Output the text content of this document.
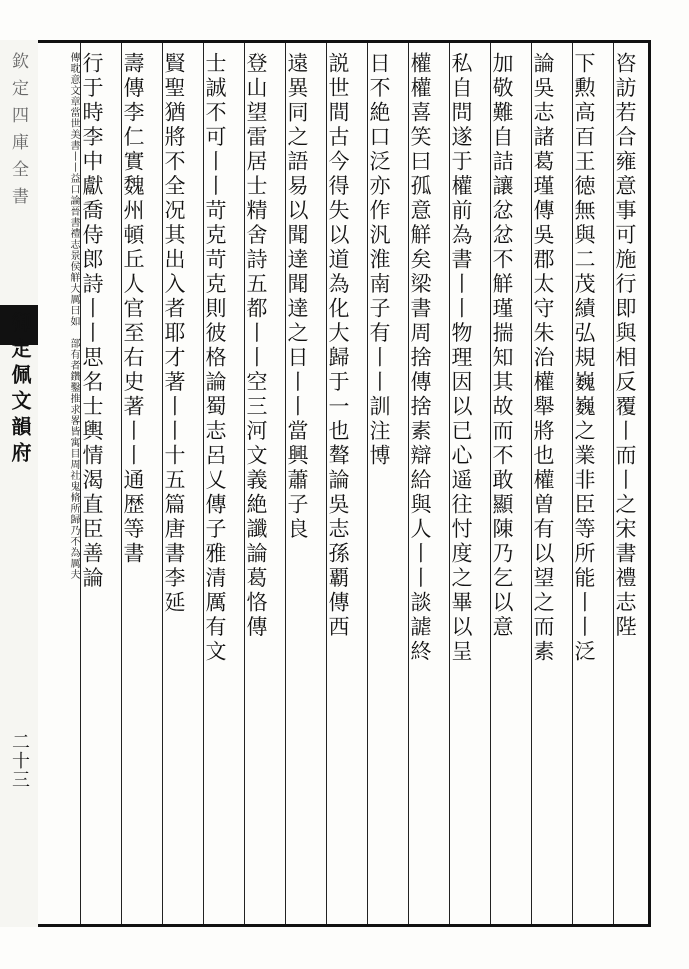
欽定四庫全書
御定佩文韻府
二十三
咨訪若合雍意事可施行即與相反覆丨而丨之宋書禮志陛
下勲高百王徳無與二茂績弘規巍巍之業非臣等所能丨丨泛
論吳志諸葛瑾傳吳郡太守朱治權舉將也權曽有以望之而素
加敬難自詰讓忿忿不觧瑾揣知其故而不敢顯陳乃乞以意
私自問遂于權前為書丨丨物理因以已心遥往忖度之畢以呈
權權喜笑曰孤意觧矣梁書周捨傳捨素辯給與人丨丨談謔終
日不絶口泛亦作汎淮南子有丨丨訓注博
説世間古今得失以道為化大歸于一也聱論吳志孫覇傳西
遠異同之語易以聞達聞達之日丨丨當興蕭子良
登山望雷居士精舍詩五都丨丨空三河文義絶讖論葛恪傳
士誠不可丨丨苛克苛克則彼格論蜀志呂乂傳子雅清厲有文
賢聖猶將不全况其出入者耶才著丨丨十五篇唐書李延
壽傳李仁實魏州頓丘人官至右史著丨丨通歴等書
行于時李中獻喬侍郎詩丨丨思名士輿情渴直臣善論
傳耽意文章當世美書丨丨益口論晉書禮志景侯觧大厲曰如　部有者鑽鑿推求畧皆寓目周社鬼脩所歸乃不為厲夫
